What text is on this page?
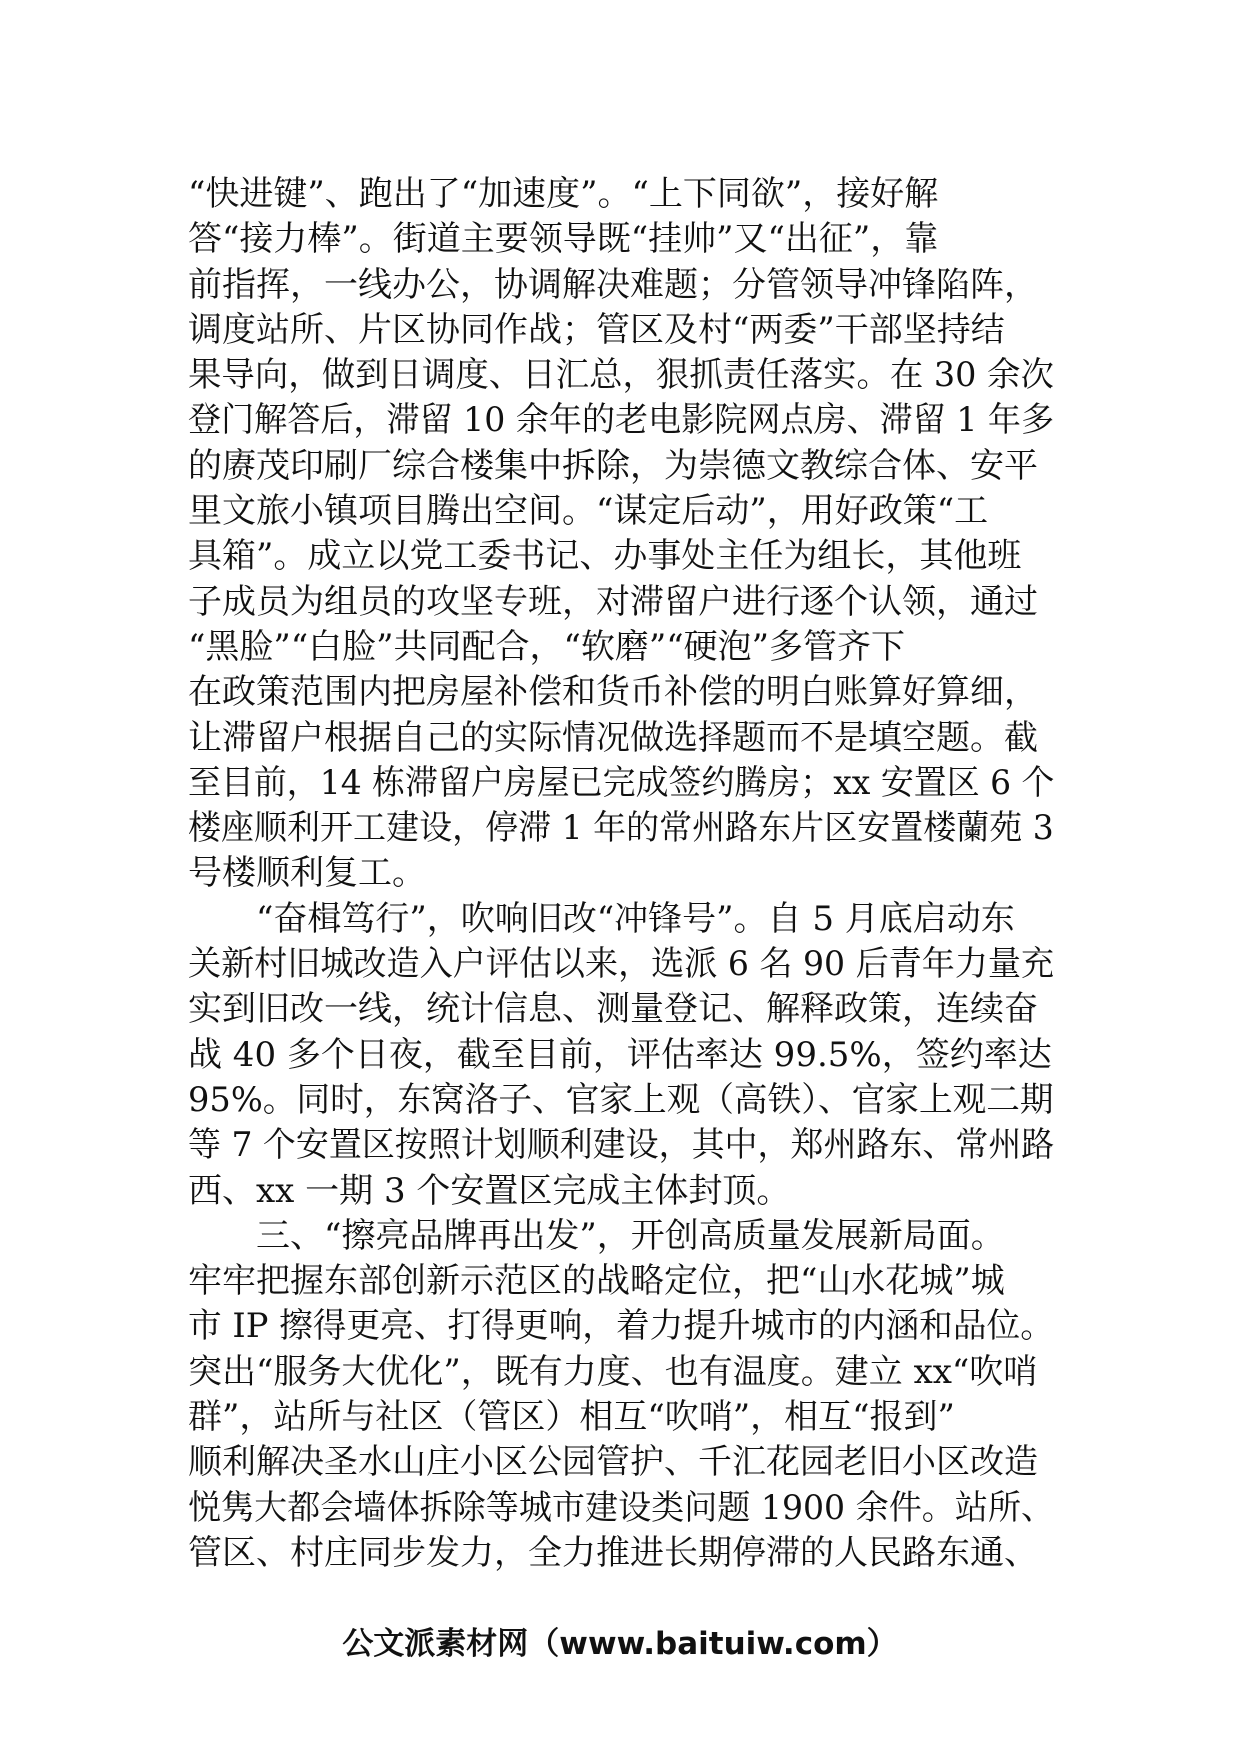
“快进键”、跑出了“加速度”。“上下同欲”，接好解
答“接力棒”。街道主要领导既“挂帅”又“出征”，靠
前指挥，一线办公，协调解决难题；分管领导冲锋陷阵，
调度站所、片区协同作战；管区及村“两委”干部坚持结
果导向，做到日调度、日汇总，狠抓责任落实。在 30 余次
登门解答后，滞留 10 余年的老电影院网点房、滞留 1 年多
的赓茂印刷厂综合楼集中拆除，为崇德文教综合体、安平
里文旅小镇项目腾出空间。“谋定后动”，用好政策“工
具箱”。成立以党工委书记、办事处主任为组长，其他班
子成员为组员的攻坚专班，对滞留户进行逐个认领，通过
“黑脸”“白脸”共同配合，“软磨”“硬泡”多管齐下
在政策范围内把房屋补偿和货币补偿的明白账算好算细，
让滞留户根据自己的实际情况做选择题而不是填空题。截
至目前，14 栋滞留户房屋已完成签约腾房；xx 安置区 6 个
楼座顺利开工建设，停滞 1 年的常州路东片区安置楼蘭苑 3
号楼顺利复工。
　　“奋楫笃行”，吹响旧改“冲锋号”。自 5 月底启动东
关新村旧城改造入户评估以来，选派 6 名 90 后青年力量充
实到旧改一线，统计信息、测量登记、解释政策，连续奋
战 40 多个日夜，截至目前，评估率达 99.5%，签约率达
95%。同时，东窝洛子、官家上观（高铁）、官家上观二期
等 7 个安置区按照计划顺利建设，其中，郑州路东、常州路
西、xx 一期 3 个安置区完成主体封顶。
　　三、“擦亮品牌再出发”，开创高质量发展新局面。
牢牢把握东部创新示范区的战略定位，把“山水花城”城
市 IP 擦得更亮、打得更响，着力提升城市的内涵和品位。
突出“服务大优化”，既有力度、也有温度。建立 xx“吹哨
群”，站所与社区（管区）相互“吹哨”，相互“报到”
顺利解决圣水山庄小区公园管护、千汇花园老旧小区改造
悦隽大都会墙体拆除等城市建设类问题 1900 余件。站所、
管区、村庄同步发力，全力推进长期停滞的人民路东通、
公文派素材网（www.baituiw.com）
